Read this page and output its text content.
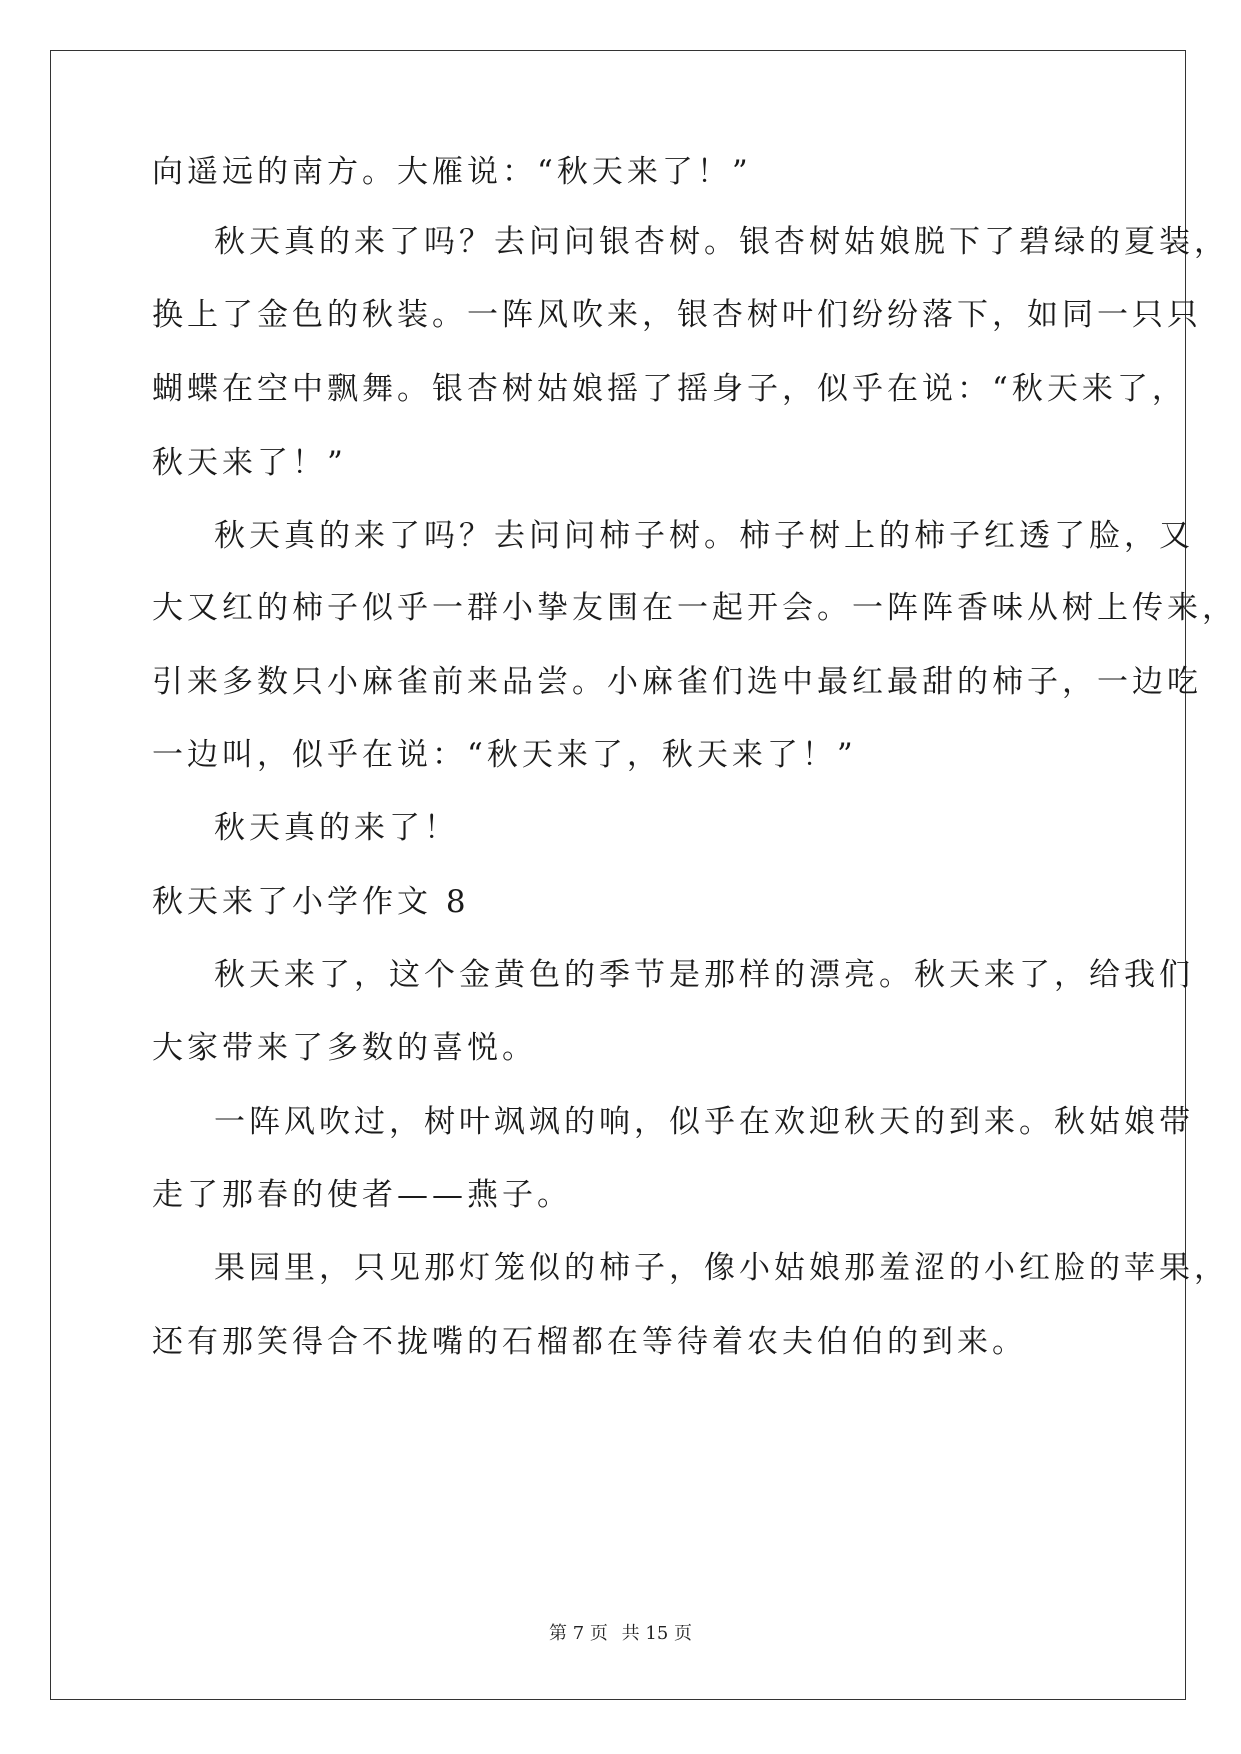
向遥远的南方。大雁说：“秋天来了！”
秋天真的来了吗？去问问银杏树。银杏树姑娘脱下了碧绿的夏装，
换上了金色的秋装。一阵风吹来，银杏树叶们纷纷落下，如同一只只
蝴蝶在空中飘舞。银杏树姑娘摇了摇身子，似乎在说：“秋天来了，
秋天来了！”
秋天真的来了吗？去问问柿子树。柿子树上的柿子红透了脸，又
大又红的柿子似乎一群小挚友围在一起开会。一阵阵香味从树上传来，
引来多数只小麻雀前来品尝。小麻雀们选中最红最甜的柿子，一边吃
一边叫，似乎在说：“秋天来了，秋天来了！”
秋天真的来了！
秋天来了小学作文 8
秋天来了，这个金黄色的季节是那样的漂亮。秋天来了，给我们
大家带来了多数的喜悦。
一阵风吹过，树叶飒飒的响，似乎在欢迎秋天的到来。秋姑娘带
走了那春的使者——燕子。
果园里，只见那灯笼似的柿子，像小姑娘那羞涩的小红脸的苹果，
还有那笑得合不拢嘴的石榴都在等待着农夫伯伯的到来。
第 7 页 共 15 页
